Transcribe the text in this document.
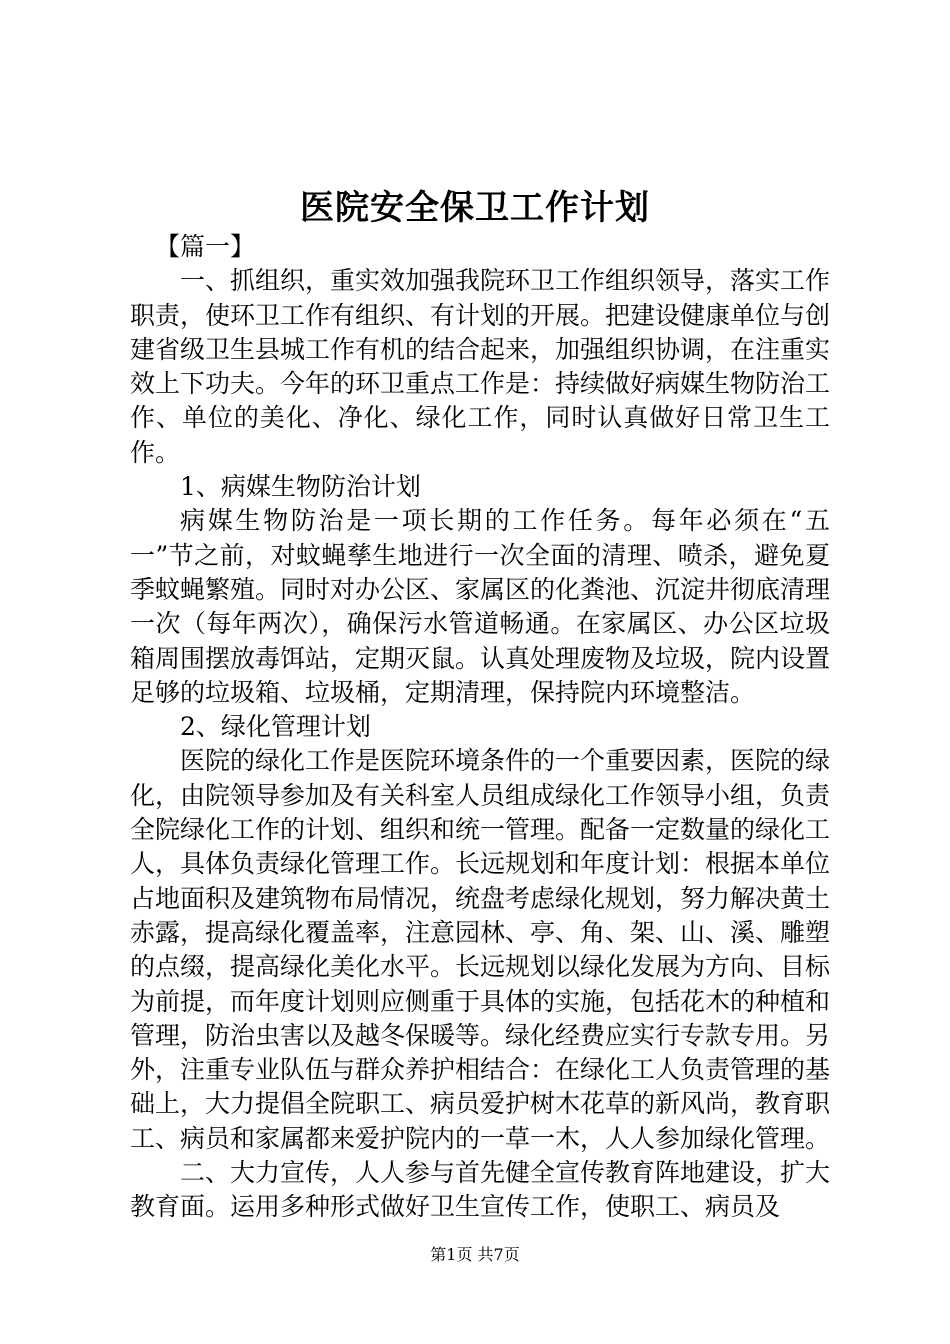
医院安全保卫工作计划

【篇一】

一、抓组织，重实效加强我院环卫工作组织领导，落实工作职责，使环卫工作有组织、有计划的开展。把建设健康单位与创建省级卫生县城工作有机的结合起来，加强组织协调，在注重实效上下功夫。今年的环卫重点工作是：持续做好病媒生物防治工作、单位的美化、净化、绿化工作，同时认真做好日常卫生工作。

1、病媒生物防治计划

病媒生物防治是一项长期的工作任务。每年必须在“五一”节之前，对蚊蝇孳生地进行一次全面的清理、喷杀，避免夏季蚊蝇繁殖。同时对办公区、家属区的化粪池、沉淀井彻底清理一次（每年两次），确保污水管道畅通。在家属区、办公区垃圾箱周围摆放毒饵站，定期灭鼠。认真处理废物及垃圾，院内设置足够的垃圾箱、垃圾桶，定期清理，保持院内环境整洁。

2、绿化管理计划

医院的绿化工作是医院环境条件的一个重要因素，医院的绿化，由院领导参加及有关科室人员组成绿化工作领导小组，负责全院绿化工作的计划、组织和统一管理。配备一定数量的绿化工人，具体负责绿化管理工作。长远规划和年度计划：根据本单位占地面积及建筑物布局情况，统盘考虑绿化规划，努力解决黄土赤露，提高绿化覆盖率，注意园林、亭、角、架、山、溪、雕塑的点缀，提高绿化美化水平。长远规划以绿化发展为方向、目标为前提，而年度计划则应侧重于具体的实施，包括花木的种植和管理，防治虫害以及越冬保暖等。绿化经费应实行专款专用。另外，注重专业队伍与群众养护相结合：在绿化工人负责管理的基础上，大力提倡全院职工、病员爱护树木花草的新风尚，教育职工、病员和家属都来爱护院内的一草一木，人人参加绿化管理。

二、大力宣传，人人参与首先健全宣传教育阵地建设，扩大教育面。运用多种形式做好卫生宣传工作，使职工、病员及

第1页 共7页
